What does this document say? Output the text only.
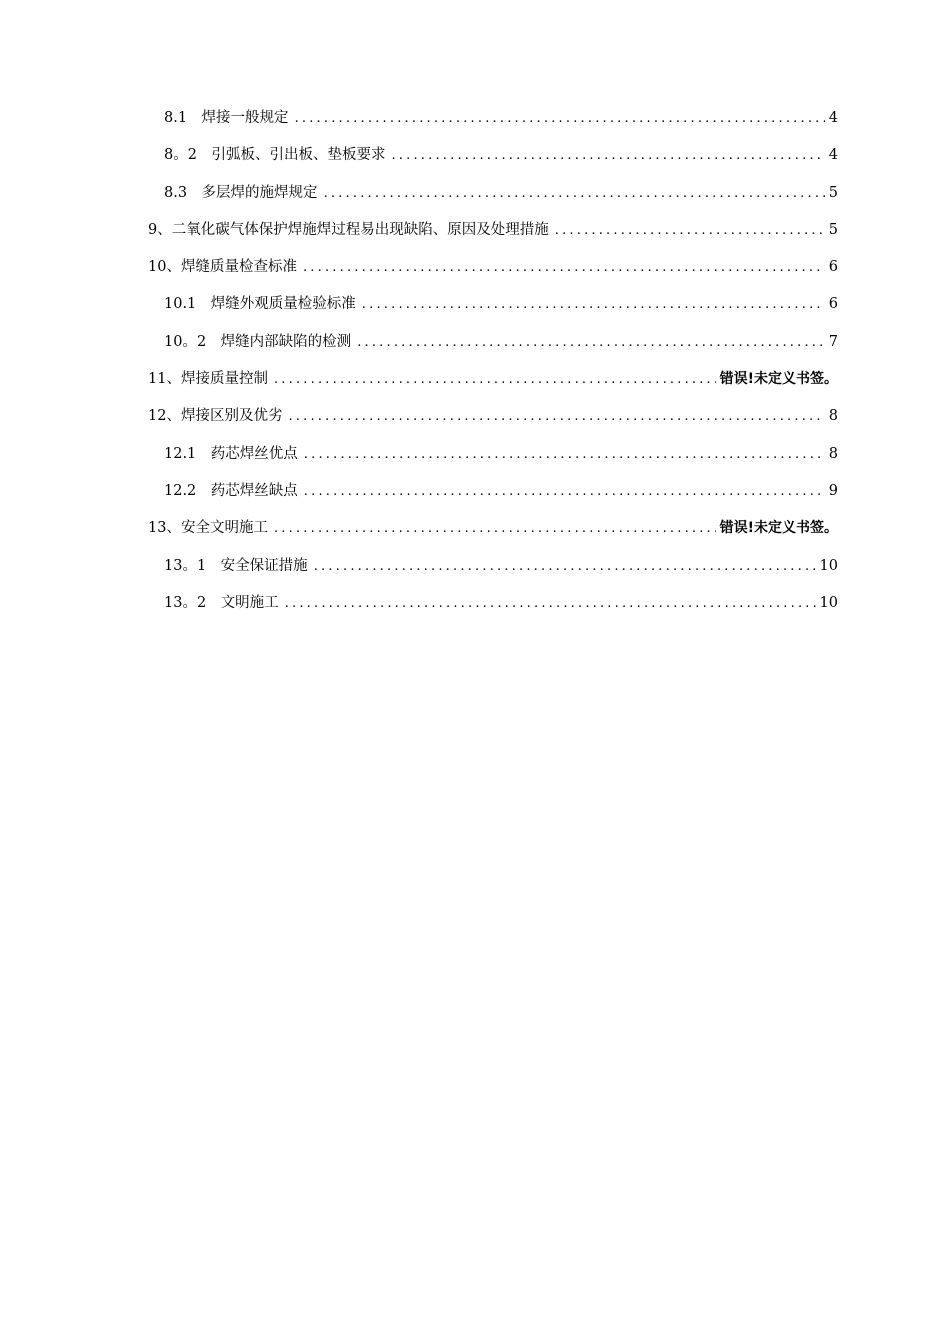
8.1　焊接一般规定 .....	4
8。2　引弧板、引出板、垫板要求 .....	4
8.3　多层焊的施焊规定 .....	5
9、二氧化碳气体保护焊施焊过程易出现缺陷、原因及处理措施 .....	5
10、焊缝质量检查标准 .....	6
10.1　焊缝外观质量检验标准 .....	6
10。2　焊缝内部缺陷的检测 .....	7
11、焊接质量控制 .....	错误!未定义书签。
12、焊接区别及优劣 .....	8
12.1　药芯焊丝优点 .....	8
12.2　药芯焊丝缺点 .....	9
13、安全文明施工 .....	错误!未定义书签。
13。1　安全保证措施 .....	10
13。2　文明施工 .....	10
